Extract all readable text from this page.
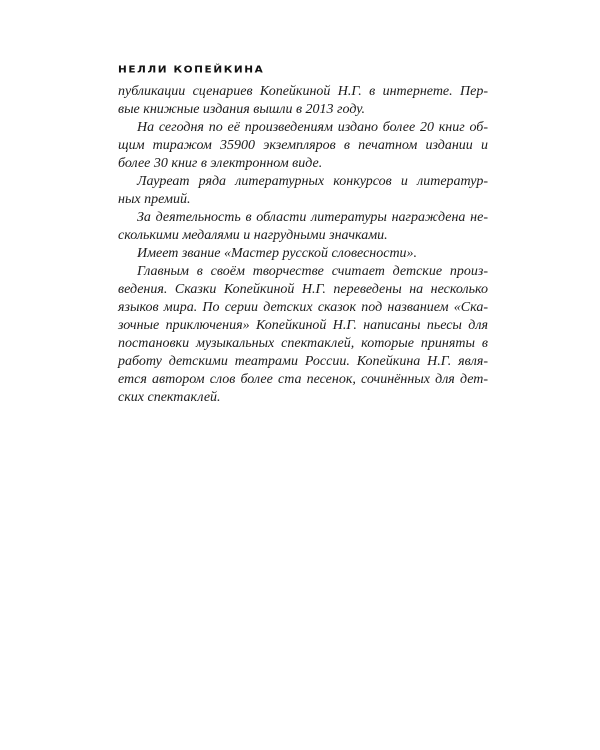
НЕЛЛИ КОПЕЙКИНА
публикации сценариев Копейкиной Н.Г. в интернете. Пер-
вые книжные издания вышли в 2013 году.
На сегодня по её произведениям издано более 20 книг об-
щим тиражом 35900 экземпляров в печатном издании и
более 30 книг в электронном виде.
Лауреат ряда литературных конкурсов и литератур-
ных премий.
За деятельность в области литературы награждена не-
сколькими медалями и нагрудными значками.
Имеет звание «Мастер русской словесности».
Главным в своём творчестве считает детские произ-
ведения. Сказки Копейкиной Н.Г. переведены на несколько
языков мира. По серии детских сказок под названием «Ска-
зочные приключения» Копейкиной Н.Г. написаны пьесы для
постановки музыкальных спектаклей, которые приняты в
работу детскими театрами России. Копейкина Н.Г. явля-
ется автором слов более ста песенок, сочинённых для дет-
ских спектаклей.
